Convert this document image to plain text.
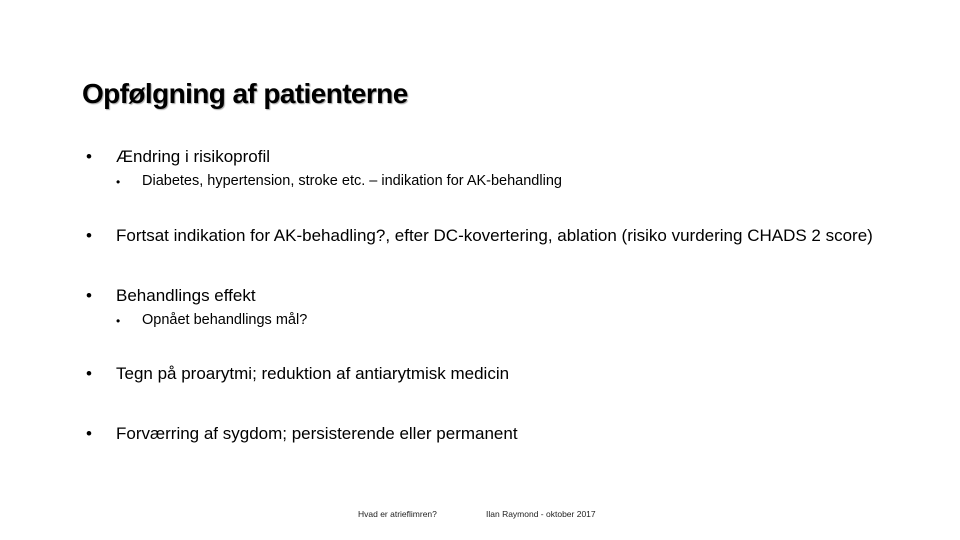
Opfølgning af patienterne
• Ændring i risikoprofil
• Diabetes, hypertension, stroke etc. – indikation for AK-behandling
• Fortsat indikation for AK-behadling?, efter DC-kovertering, ablation (risiko vurdering CHADS 2 score)
• Behandlings effekt
• Opnået behandlings mål?
• Tegn på proarytmi; reduktion af antiarytmisk medicin
• Forværring af sygdom; persisterende eller permanent
Hvad er atrieflimren?	Ilan Raymond - oktober 2017
